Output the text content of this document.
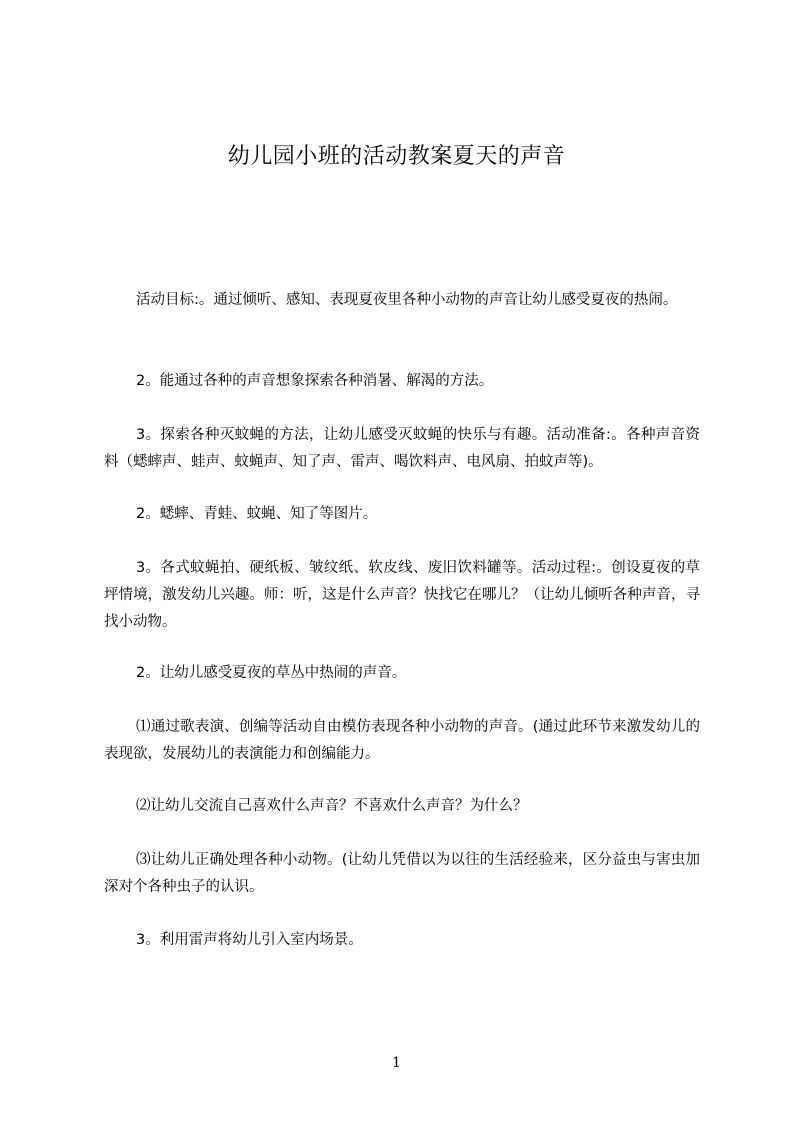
幼儿园小班的活动教案夏天的声音
活动目标:。通过倾听、感知、表现夏夜里各种小动物的声音让幼儿感受夏夜的热闹。
2。能通过各种的声音想象探索各种消暑、解渴的方法。
3。探索各种灭蚊蝇的方法，让幼儿感受灭蚊蝇的快乐与有趣。活动准备:。各种声音资料（蟋蟀声、蛙声、蚊蝇声、知了声、雷声、喝饮料声、电风扇、拍蚊声等)。
2。蟋蟀、青蛙、蚊蝇、知了等图片。
3。各式蚊蝇拍、硬纸板、皱纹纸、软皮线、废旧饮料罐等。活动过程:。创设夏夜的草坪情境，激发幼儿兴趣。师：听，这是什么声音？快找它在哪儿？（让幼儿倾听各种声音，寻找小动物。
2。让幼儿感受夏夜的草丛中热闹的声音。
⑴通过歌表演、创编等活动自由模仿表现各种小动物的声音。(通过此环节来激发幼儿的表现欲，发展幼儿的表演能力和创编能力。
⑵让幼儿交流自己喜欢什么声音？不喜欢什么声音？为什么？
⑶让幼儿正确处理各种小动物。(让幼儿凭借以为以往的生活经验来，区分益虫与害虫加深对个各种虫子的认识。
3。利用雷声将幼儿引入室内场景。
1
